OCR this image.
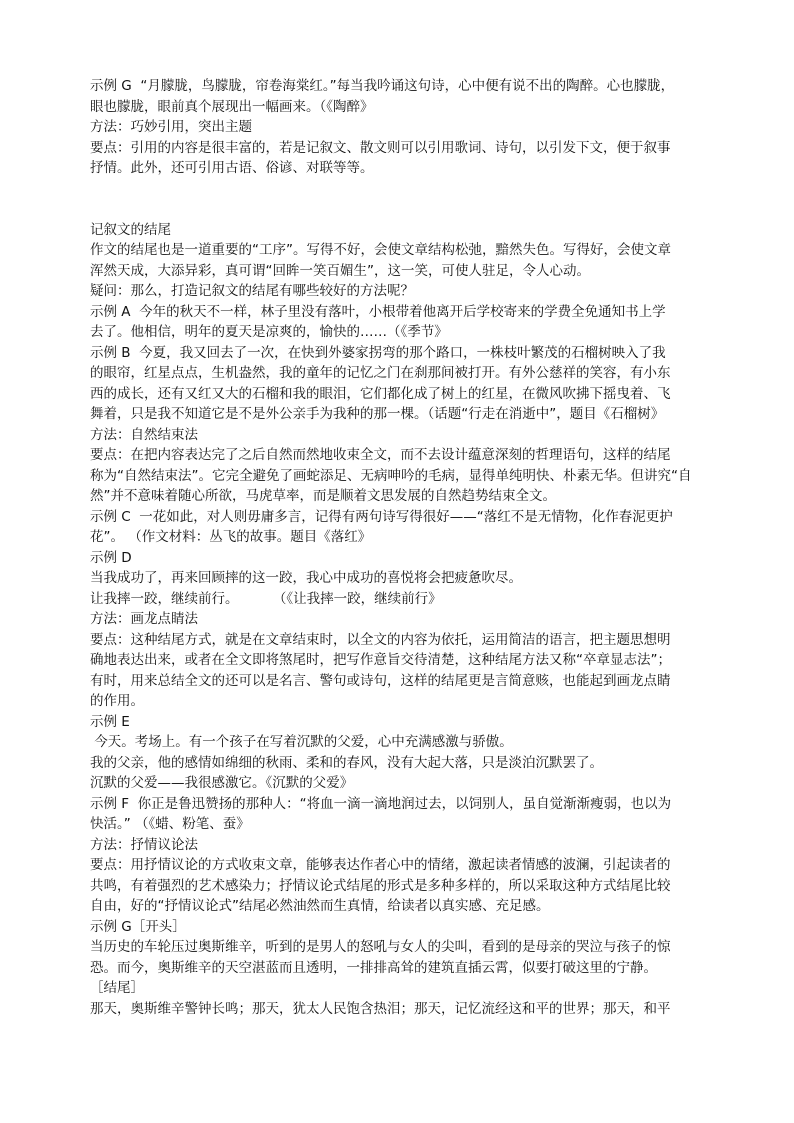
示例 G  “月朦胧，鸟朦胧，帘卷海棠红。”每当我吟诵这句诗，心中便有说不出的陶醉。心也朦胧，
眼也朦胧，眼前真个展现出一幅画来。（《陶醉》
方法：巧妙引用，突出主题
要点：引用的内容是很丰富的，若是记叙文、散文则可以引用歌词、诗句，以引发下文，便于叙事
抒情。此外，还可引用古语、俗谚、对联等等。
记叙文的结尾
作文的结尾也是一道重要的“工序”。写得不好，会使文章结构松弛，黯然失色。写得好，会使文章
浑然天成，大添异彩，真可谓“回眸一笑百媚生”，这一笑，可使人驻足，令人心动。
疑问：那么，打造记叙文的结尾有哪些较好的方法呢？
示例 A  今年的秋天不一样，林子里没有落叶，小根带着他离开后学校寄来的学费全免通知书上学
去了。他相信，明年的夏天是凉爽的，愉快的……（《季节》
示例 B  今夏，我又回去了一次，在快到外婆家拐弯的那个路口，一株枝叶繁茂的石榴树映入了我
的眼帘，红星点点，生机盎然，我的童年的记忆之门在刹那间被打开。有外公慈祥的笑容，有小东
西的成长，还有又红又大的石榴和我的眼泪，它们都化成了树上的红星，在微风吹拂下摇曳着、飞
舞着，只是我不知道它是不是外公亲手为我种的那一棵。（话题“行走在消逝中”，题目《石榴树》
方法：自然结束法
要点：在把内容表达完了之后自然而然地收束全文，而不去设计蕴意深刻的哲理语句，这样的结尾
称为“自然结束法”。它完全避免了画蛇添足、无病呻吟的毛病，显得单纯明快、朴素无华。但讲究“自
然”并不意味着随心所欲，马虎草率，而是顺着文思发展的自然趋势结束全文。
示例 C  一花如此，对人则毋庸多言，记得有两句诗写得很好——“落红不是无情物，化作春泥更护
花”。 （作文材料：丛飞的故事。题目《落红》
示例 D
当我成功了，再来回顾摔的这一跤，我心中成功的喜悦将会把疲惫吹尽。
让我摔一跤，继续前行。        （《让我摔一跤，继续前行》
方法：画龙点睛法
要点：这种结尾方式，就是在文章结束时，以全文的内容为依托，运用简洁的语言，把主题思想明
确地表达出来，或者在全文即将煞尾时，把写作意旨交待清楚，这种结尾方法又称“卒章显志法”；
有时，用来总结全文的还可以是名言、警句或诗句，这样的结尾更是言简意赅，也能起到画龙点睛
的作用。
示例 E
今天。考场上。有一个孩子在写着沉默的父爱，心中充满感激与骄傲。
我的父亲，他的感情如绵细的秋雨、柔和的春风，没有大起大落，只是淡泊沉默罢了。
沉默的父爱——我很感激它。《沉默的父爱》
示例 F  你正是鲁迅赞扬的那种人：“将血一滴一滴地润过去，以饲别人，虽自觉渐渐瘦弱，也以为
快活。” （《蜡、粉笔、蚕》
方法：抒情议论法
要点：用抒情议论的方式收束文章，能够表达作者心中的情绪，激起读者情感的波澜，引起读者的
共鸣，有着强烈的艺术感染力；抒情议论式结尾的形式是多种多样的，所以采取这种方式结尾比较
自由，好的“抒情议论式”结尾必然油然而生真情，给读者以真实感、充足感。
示例 G［开头］
当历史的车轮压过奥斯维辛，听到的是男人的怒吼与女人的尖叫，看到的是母亲的哭泣与孩子的惊
恐。而今，奥斯维辛的天空湛蓝而且透明，一排排高耸的建筑直插云霄，似要打破这里的宁静。
［结尾］
那天，奥斯维辛警钟长鸣；那天，犹太人民饱含热泪；那天，记忆流经这和平的世界；那天，和平
